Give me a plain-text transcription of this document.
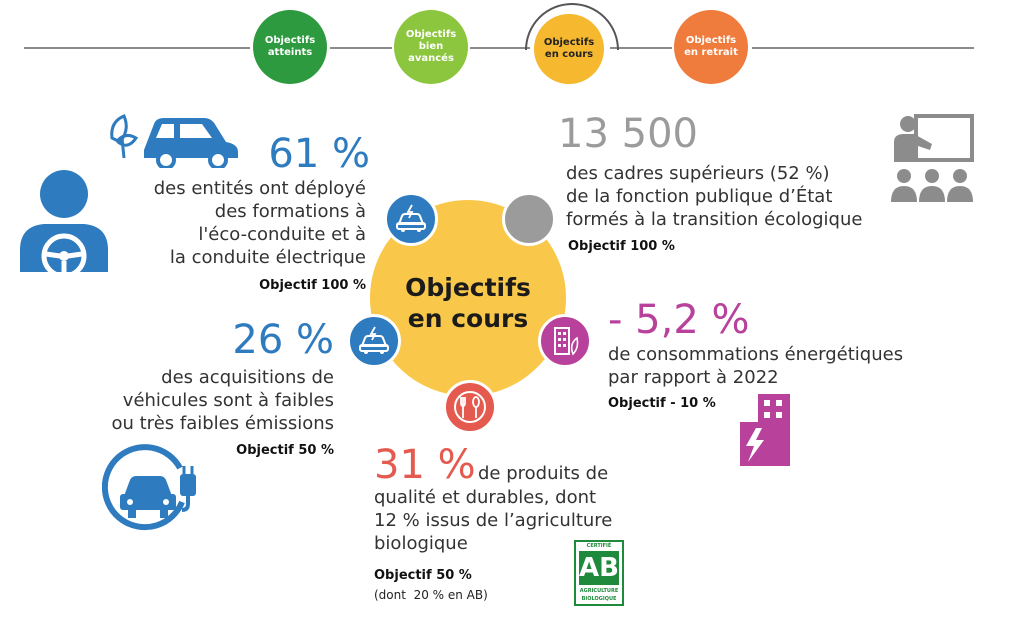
Objectifs
atteints
Objectifs
bien
avancés
Objectifs
en cours
Objectifs
en retrait
Objectifs
en cours
61 %
des entités ont déployé
des formations à
l'éco-conduite et à
la conduite électrique
Objectif 100 %
13 500
des cadres supérieurs (52 %)
de la fonction publique d’État
formés à la transition écologique
Objectif 100 %
26 %
des acquisitions de
véhicules sont à faibles
ou très faibles émissions
Objectif 50 %
- 5,2 %
de consommations énergétiques
par rapport à 2022
Objectif - 10 %
31 % de produits de
qualité et durables, dont
12 % issus de l’agriculture
biologique
Objectif 50 %
(dont  20 % en AB)
CERTIFIÉ
AB
AGRICULTURE
BIOLOGIQUE
